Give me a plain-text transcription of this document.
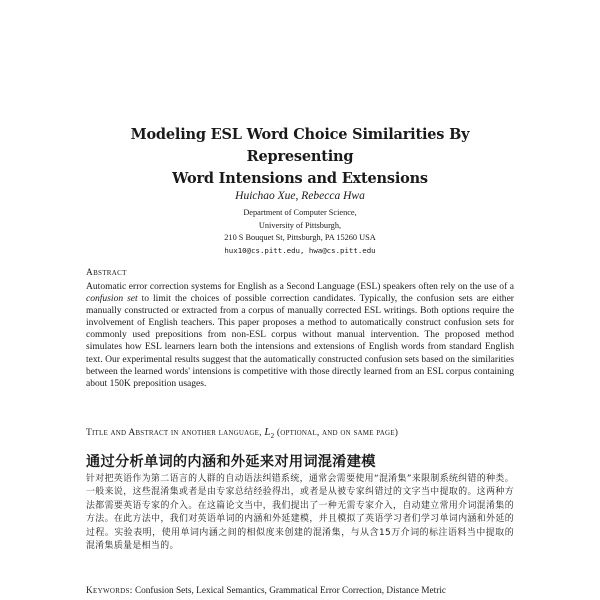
Modeling ESL Word Choice Similarities By Representing
Word Intensions and Extensions
Huichao Xue, Rebecca Hwa
Department of Computer Science,
University of Pittsburgh,
210 S Bouquet St, Pittsburgh, PA 15260 USA
hux10@cs.pitt.edu, hwa@cs.pitt.edu
Abstract
Automatic error correction systems for English as a Second Language (ESL) speakers often rely on the use of a confusion set to limit the choices of possible correction candidates. Typically, the confusion sets are either manually constructed or extracted from a corpus of manually corrected ESL writings. Both options require the involvement of English teachers. This paper proposes a method to automatically construct confusion sets for commonly used prepositions from non-ESL corpus without manual intervention. The proposed method simulates how ESL learners learn both the intensions and extensions of English words from standard English text. Our experimental results suggest that the automatically constructed confusion sets based on the similarities between the learned words' intensions is competitive with those directly learned from an ESL corpus containing about 150K preposition usages.
Title and Abstract in another language, $L_2$ (optional, and on same page)
通过分析单词的内涵和外延来对用词混淆建模
针对把英语作为第二语言的人群的自动语法纠错系统，通常会需要使用“混淆集”来限制系统纠错的种类。一般来说，这些混淆集或者是由专家总结经验得出，或者是从被专家纠错过的文字当中提取的。这两种方法都需要英语专家的介入。在这篇论文当中，我们提出了一种无需专家介入，自动建立常用介词混淆集的方法。在此方法中，我们对英语单词的内涵和外延建模，并且模拟了英语学习者们学习单词内涵和外延的过程。实验表明，使用单词内涵之间的相似度来创建的混淆集，与从含15万介词的标注语料当中提取的混淆集质量是相当的。
Keywords: Confusion Sets, Lexical Semantics, Grammatical Error Correction, Distance Metric
